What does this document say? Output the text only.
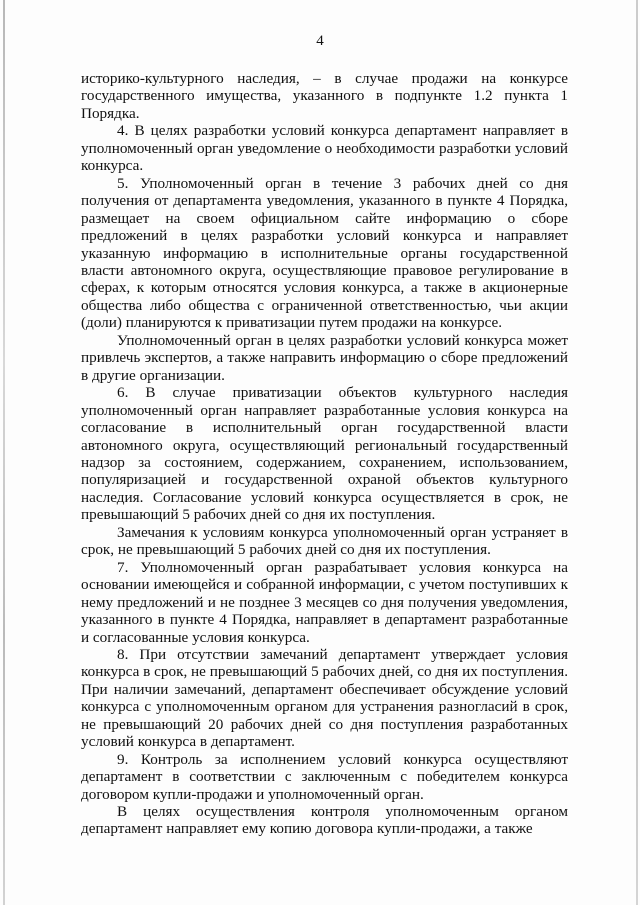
4

историко-культурного наследия, – в случае продажи на конкурсе государственного имущества, указанного в подпункте 1.2 пункта 1 Порядка.

4. В целях разработки условий конкурса департамент направляет в уполномоченный орган уведомление о необходимости разработки условий конкурса.

5. Уполномоченный орган в течение 3 рабочих дней со дня получения от департамента уведомления, указанного в пункте 4 Порядка, размещает на своем официальном сайте информацию о сборе предложений в целях разработки условий конкурса и направляет указанную информацию в исполнительные органы государственной власти автономного округа, осуществляющие правовое регулирование в сферах, к которым относятся условия конкурса, а также в акционерные общества либо общества с ограниченной ответственностью, чьи акции (доли) планируются к приватизации путем продажи на конкурсе.

Уполномоченный орган в целях разработки условий конкурса может привлечь экспертов, а также направить информацию о сборе предложений в другие организации.

6. В случае приватизации объектов культурного наследия уполномоченный орган направляет разработанные условия конкурса на согласование в исполнительный орган государственной власти автономного округа, осуществляющий региональный государственный надзор за состоянием, содержанием, сохранением, использованием, популяризацией и государственной охраной объектов культурного наследия. Согласование условий конкурса осуществляется в срок, не превышающий 5 рабочих дней со дня их поступления.

Замечания к условиям конкурса уполномоченный орган устраняет в срок, не превышающий 5 рабочих дней со дня их поступления.

7. Уполномоченный орган разрабатывает условия конкурса на основании имеющейся и собранной информации, с учетом поступивших к нему предложений и не позднее 3 месяцев со дня получения уведомления, указанного в пункте 4 Порядка, направляет в департамент разработанные и согласованные условия конкурса.

8. При отсутствии замечаний департамент утверждает условия конкурса в срок, не превышающий 5 рабочих дней, со дня их поступления. При наличии замечаний, департамент обеспечивает обсуждение условий конкурса с уполномоченным органом для устранения разногласий в срок, не превышающий 20 рабочих дней со дня поступления разработанных условий конкурса в департамент.

9. Контроль за исполнением условий конкурса осуществляют департамент в соответствии с заключенным с победителем конкурса договором купли-продажи и уполномоченный орган.

В целях осуществления контроля уполномоченным органом департамент направляет ему копию договора купли-продажи, а также
